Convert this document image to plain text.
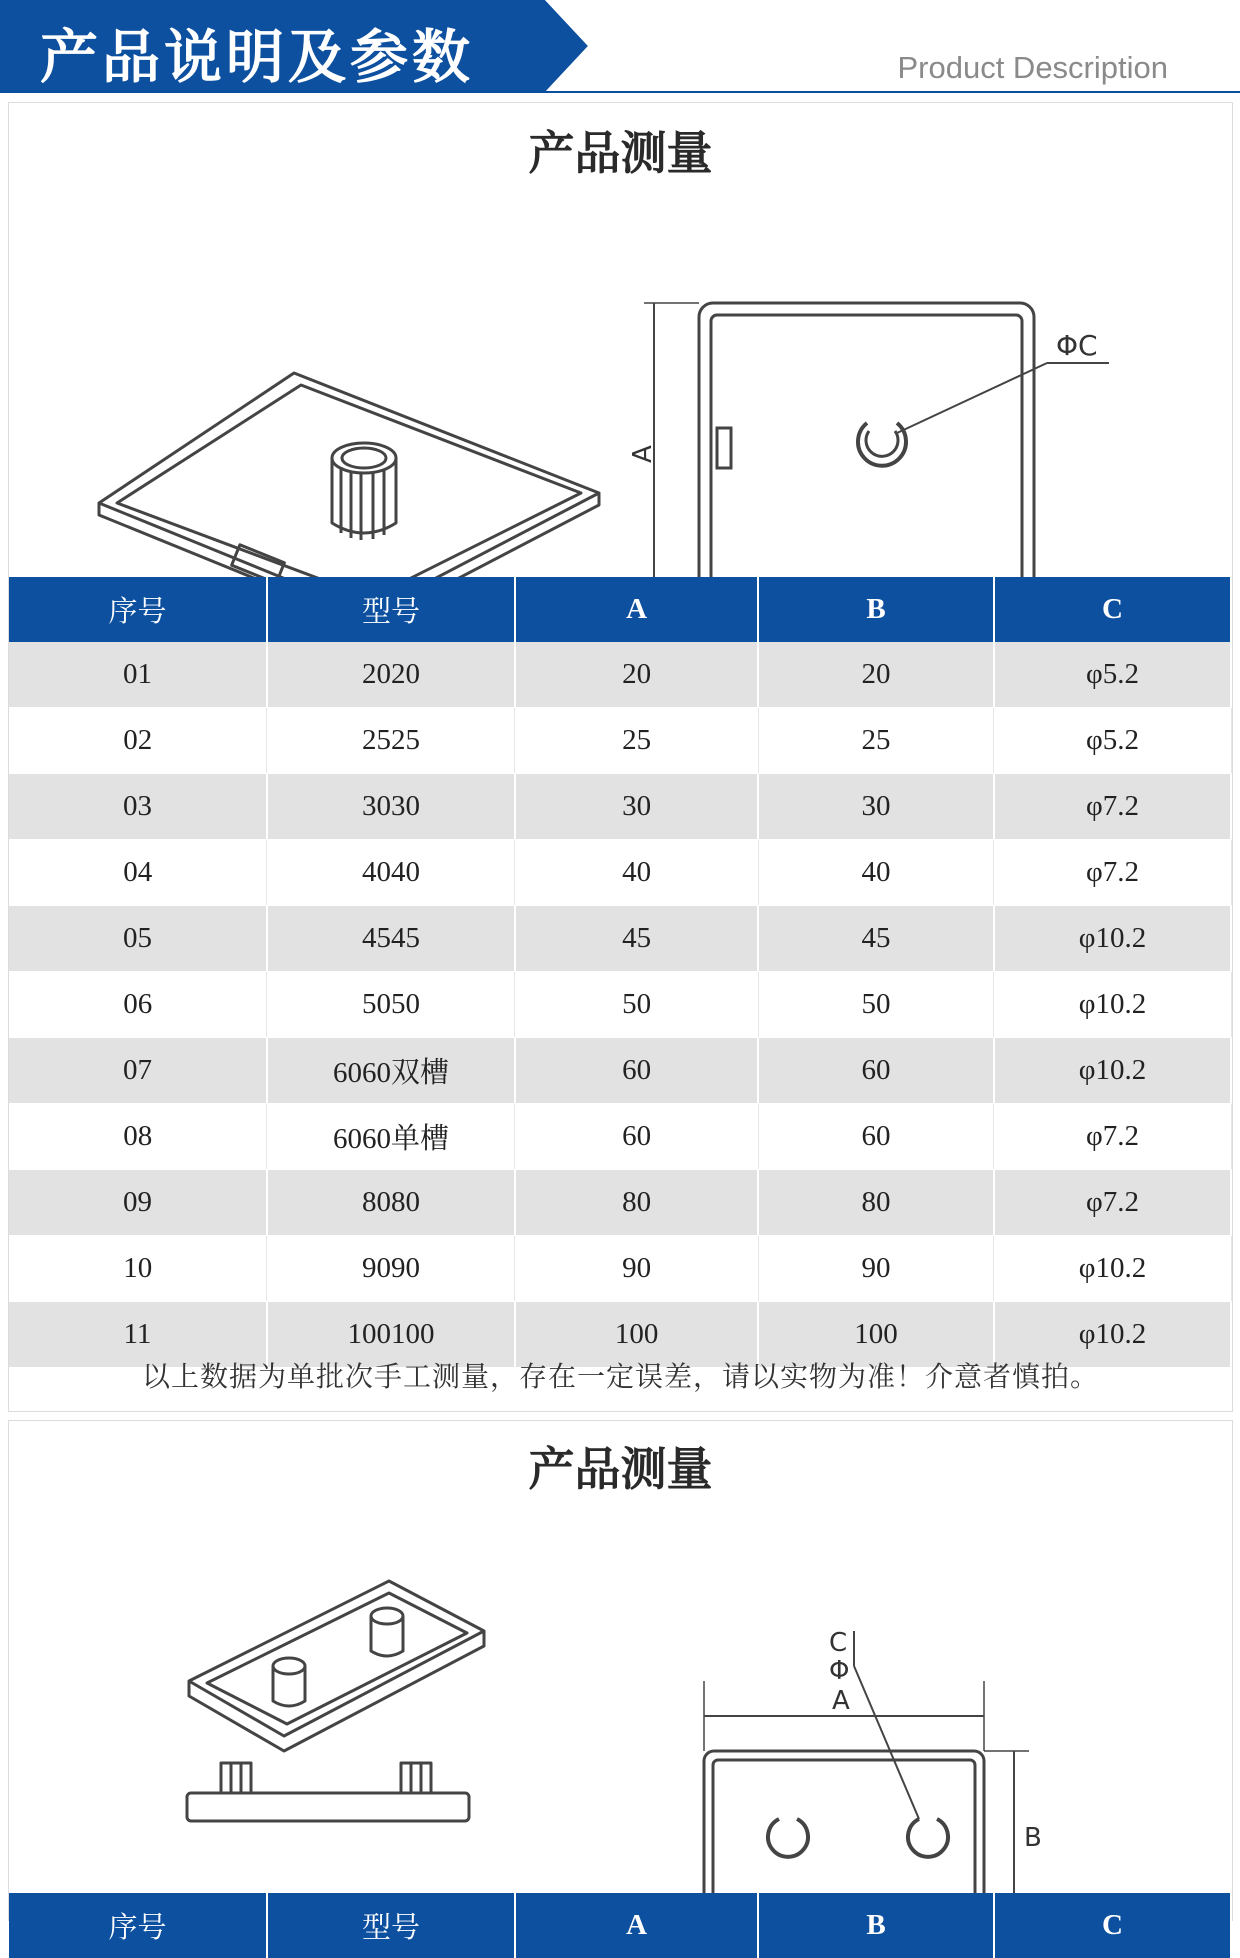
产品说明及参数	Product Description
产品测量
A
ΦC
序号	型号	A	B	C
01	2020	20	20	φ5.2
02	2525	25	25	φ5.2
03	3030	30	30	φ7.2
04	4040	40	40	φ7.2
05	4545	45	45	φ10.2
06	5050	50	50	φ10.2
07	6060双槽	60	60	φ10.2
08	6060单槽	60	60	φ7.2
09	8080	80	80	φ7.2
10	9090	90	90	φ10.2
11	100100	100	100	φ10.2
以上数据为单批次手工测量，存在一定误差，请以实物为准！介意者慎拍。
产品测量
C
Φ
A
B
序号	型号	A	B	C
